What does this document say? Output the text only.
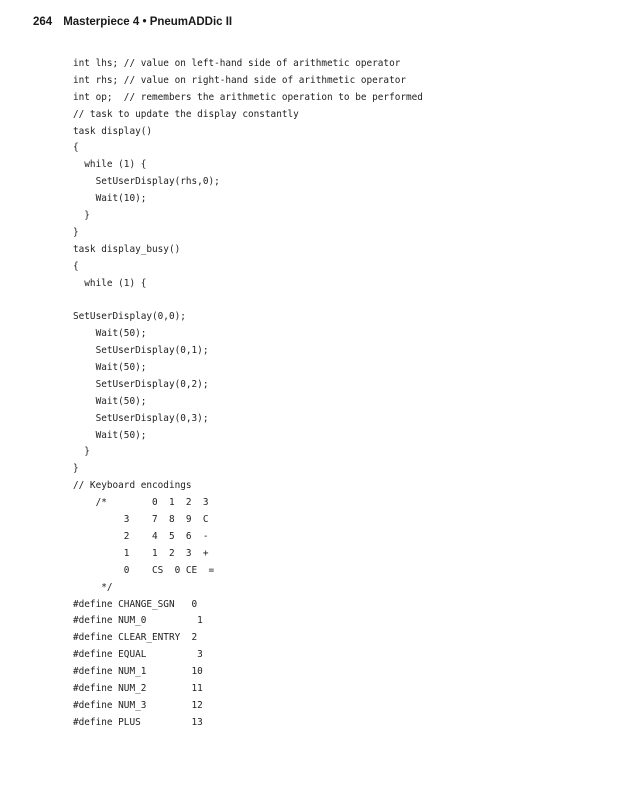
264 Masterpiece 4 • PneumADDic II
int lhs; // value on left-hand side of arithmetic operator
int rhs; // value on right-hand side of arithmetic operator
int op;  // remembers the arithmetic operation to be performed
// task to update the display constantly
task display()
{
while (1) {
SetUserDisplay(rhs,0);
Wait(10);
}
}
task display_busy()
{
while (1) {
SetUserDisplay(0,0);
Wait(50);
SetUserDisplay(0,1);
Wait(50);
SetUserDisplay(0,2);
Wait(50);
SetUserDisplay(0,3);
Wait(50);
}
}
// Keyboard encodings
/*        0  1  2  3
3    7  8  9  C
2    4  5  6  -
1    1  2  3  +
0    CS  0 CE  =
*/
#define CHANGE_SGN   0
#define NUM_0         1
#define CLEAR_ENTRY  2
#define EQUAL         3
#define NUM_1        10
#define NUM_2        11
#define NUM_3        12
#define PLUS         13
